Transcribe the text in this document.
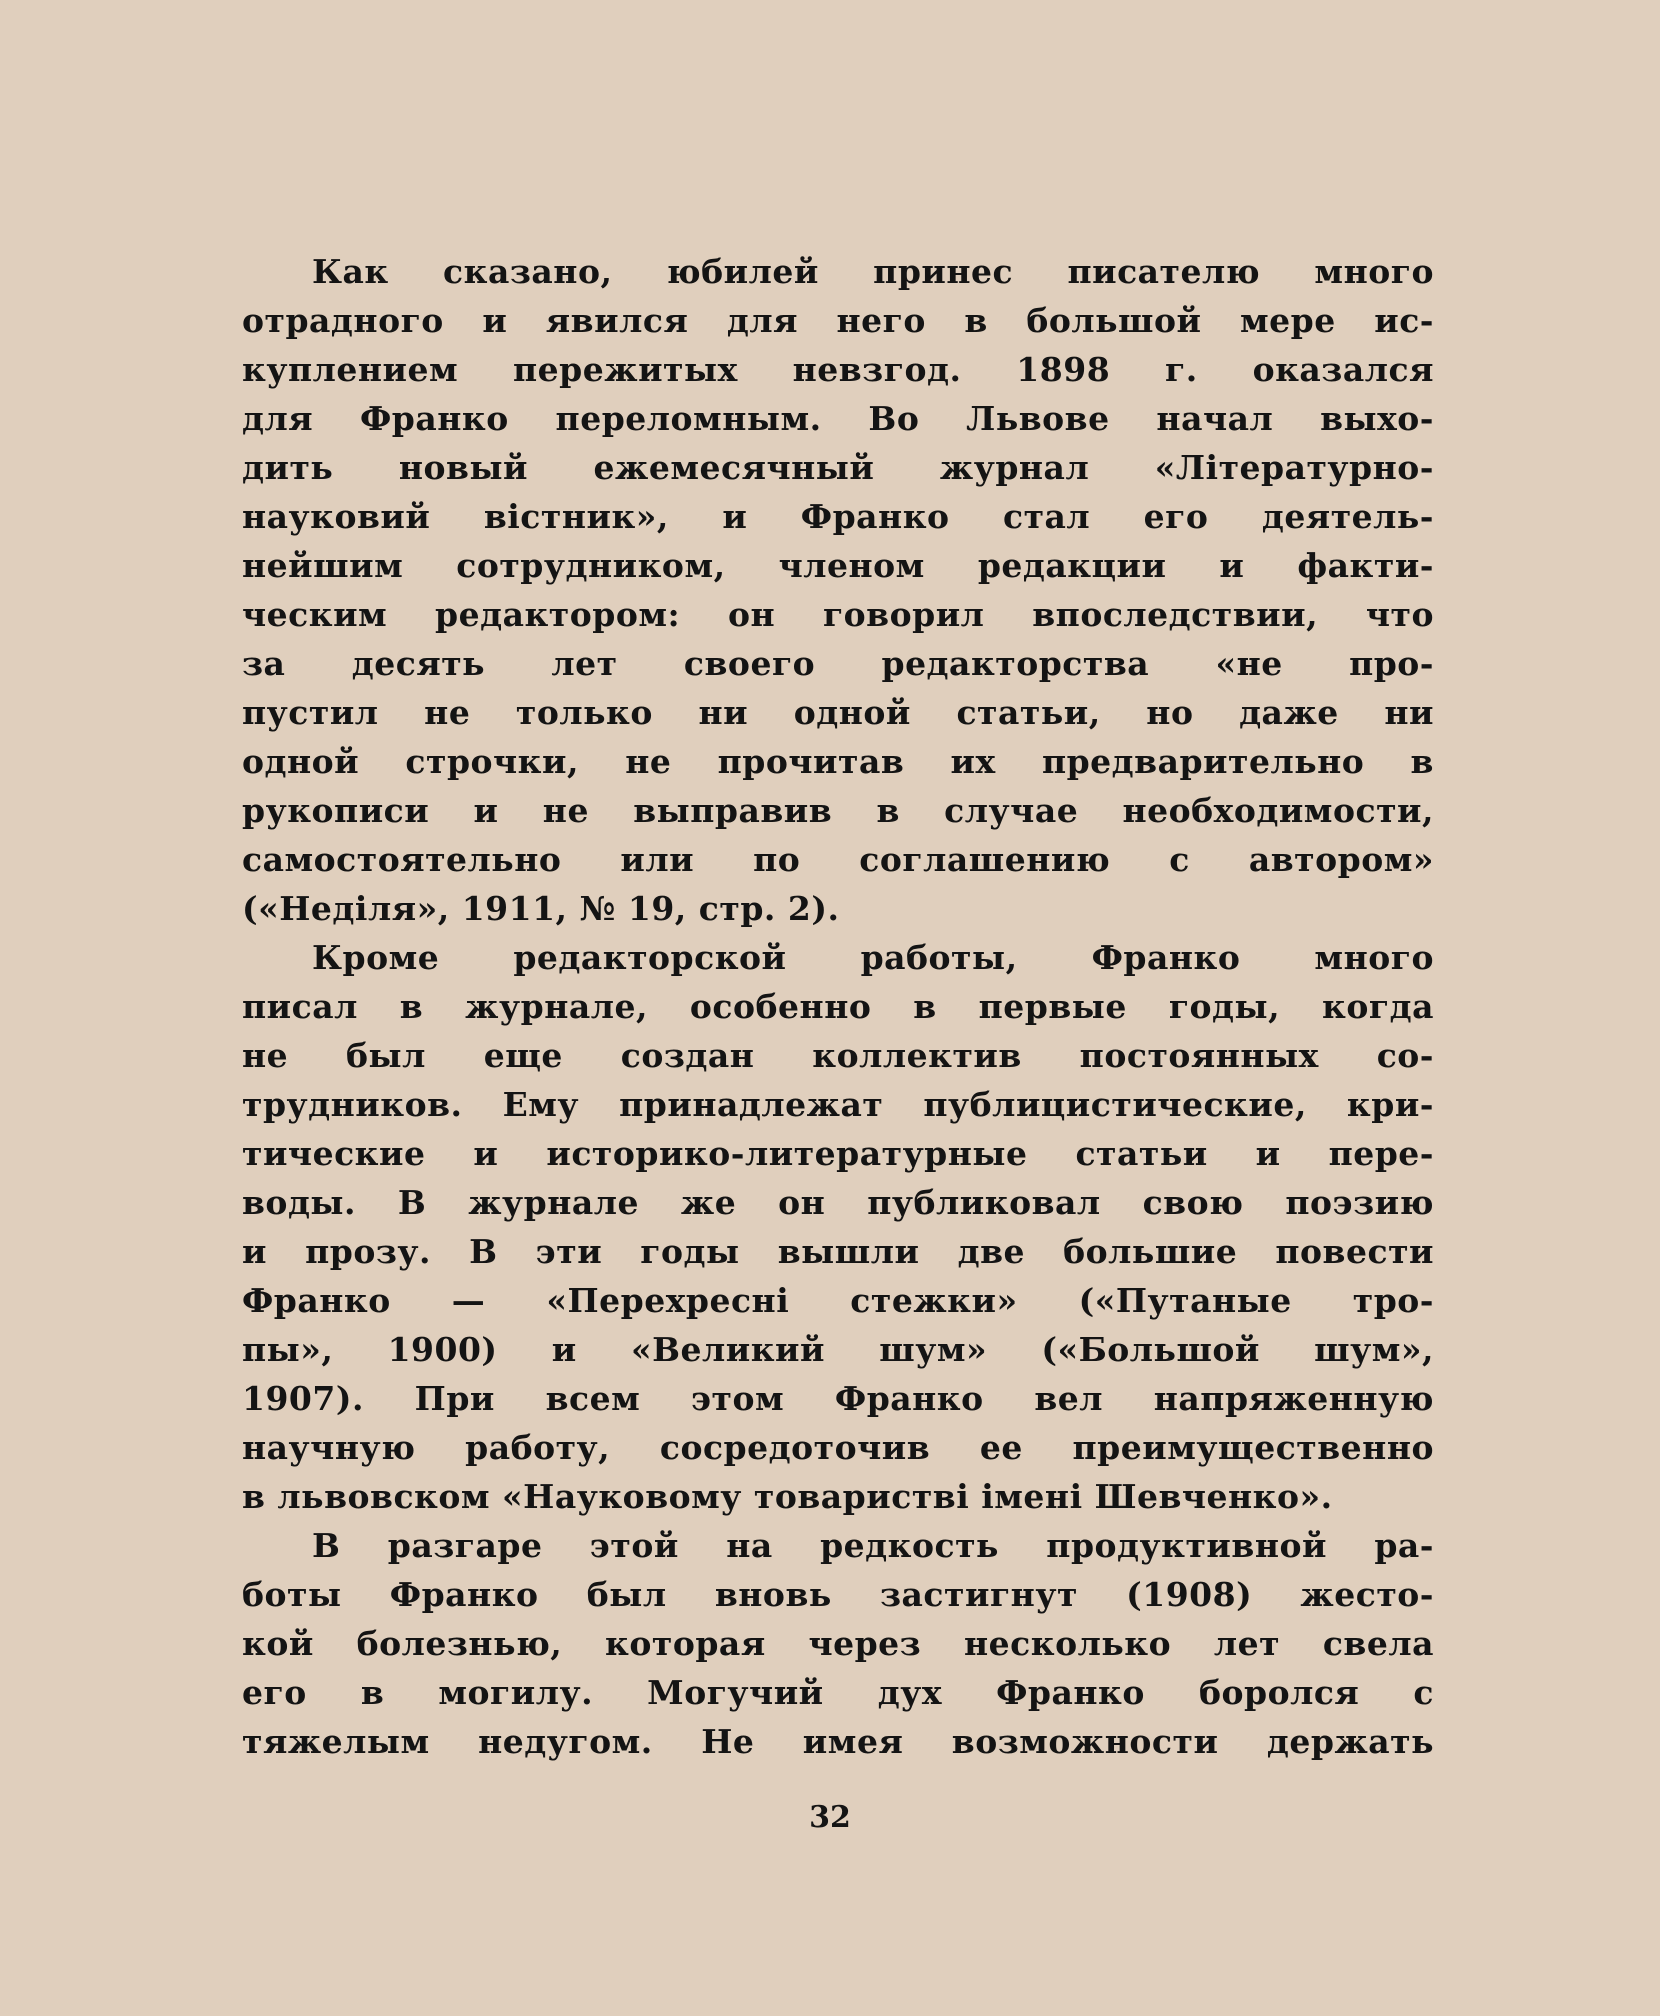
Как сказано, юбилей принес писателю много
отрадного и явился для него в большой мере ис-
куплением пережитых невзгод. 1898 г. оказался
для Франко переломным. Во Львове начал выхо-
дить новый ежемесячный журнал «Літературно-
науковий вістник», и Франко стал его деятель-
нейшим сотрудником, членом редакции и факти-
ческим редактором: он говорил впоследствии, что
за десять лет своего редакторства «не про-
пустил не только ни одной статьи, но даже ни
одной строчки, не прочитав их предварительно в
рукописи и не выправив в случае необходимости,
самостоятельно или по соглашению с автором»
(«Неділя», 1911, № 19, стр. 2).
Кроме редакторской работы, Франко много
писал в журнале, особенно в первые годы, когда
не был еще создан коллектив постоянных со-
трудников. Ему принадлежат публицистические, кри-
тические и историко-литературные статьи и пере-
воды. В журнале же он публиковал свою поэзию
и прозу. В эти годы вышли две большие повести
Франко — «Перехресні стежки» («Путаные тро-
пы», 1900) и «Великий шум» («Большой шум»,
1907). При всем этом Франко вел напряженную
научную работу, сосредоточив ее преимущественно
в львовском «Науковому товаристві імені Шевченко».
В разгаре этой на редкость продуктивной ра-
боты Франко был вновь застигнут (1908) жесто-
кой болезнью, которая через несколько лет свела
его в могилу. Могучий дух Франко боролся с
тяжелым недугом. Не имея возможности держать
32
